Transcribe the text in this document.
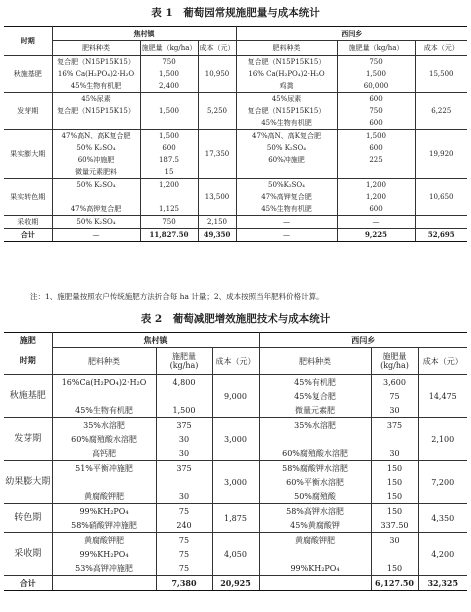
表 1　葡萄园常规施肥量与成本统计
时期	焦村镇			西闫乡		
	肥料种类	施肥量（kg/ha）	成本（元）	肥料种类	施肥量（kg/ha）	成本（元）
秋施基肥	复合肥（N15P15K15）	750	10,950	复合肥（N15P15K15）	750	15,500
	16% Ca(H₂PO₄)2·H₂O	1,500		16% Ca(H₂PO₄)2·H₂O	1,500	
	45%生物有机肥	2,400		鸡粪	60,000	
发芽期	45%尿素		5,250	45%尿素	600	6,225
	复合肥（N15P15K15）	1,500		复合肥（N15P15K15）	750	
				45%生物有机肥	600	
果实膨大期	47%高N、高K复合肥	1,500	17,350	47%高N、高K复合肥	1,500	19,920
	50% K₂SO₄	600		50% K₂SO₄	600	
	60%冲施肥	187.5		60%冲施肥	225	
	微量元素肥料	15				
果实转色期	50% K₂SO₄	1,200	13,500	50%K₂SO₄	1,200	10,650
				47%高钾复合肥	1,200	
	47%高钾复合肥	1,125		45%生物有机肥	600	
采收期	50% K₂SO₄	750	2,150	—	—	
合计	—	11,827.50	49,350	—	9,225	52,695
注：1、施肥量按照农户传统施肥方法折合每 ha 计量；2、成本按照当年肥料价格计算。
表 2　葡萄减肥增效施肥技术与成本统计
施肥	焦村镇			西闫乡		
时期	肥料种类	施肥量
(kg/ha)	成本（元）	肥料种类	施肥量
(kg/ha)	成本（元）
秋施基肥	16%Ca(H₂PO₄)2·H₂O	4,800	9,000	45%有机肥	3,600	14,475
				45%复合肥	75	
	45%生物有机肥	1,500		微量元素肥	30	
发芽期	35%水溶肥	375	3,000	35%水溶肥	375	2,100
	60%腐殖酸水溶肥	30				
	高钙肥	30		60%腐殖酸水溶肥	30	
幼果膨大期	51%平衡冲施肥	375	3,000	58%腐酸钾水溶肥	150	7,200
				60%平衡水溶肥	150	
	黄腐酸钾肥	30		50%腐殖酸	150	
转色期	99%KH₂PO₄	75	1,875	58%高钾水溶肥	150	4,350
	58%硝酸钾冲施肥	240		45%黄腐酸钾	337.50	
采收期	黄腐酸钾肥	75	4,050	黄腐酸钾肥	30	4,200
	99%KH₂PO₄	75				
	53%高钾冲施肥	75		99%KH₂PO₄	150	
合计		7,380	20,925		6,127.50	32,325
